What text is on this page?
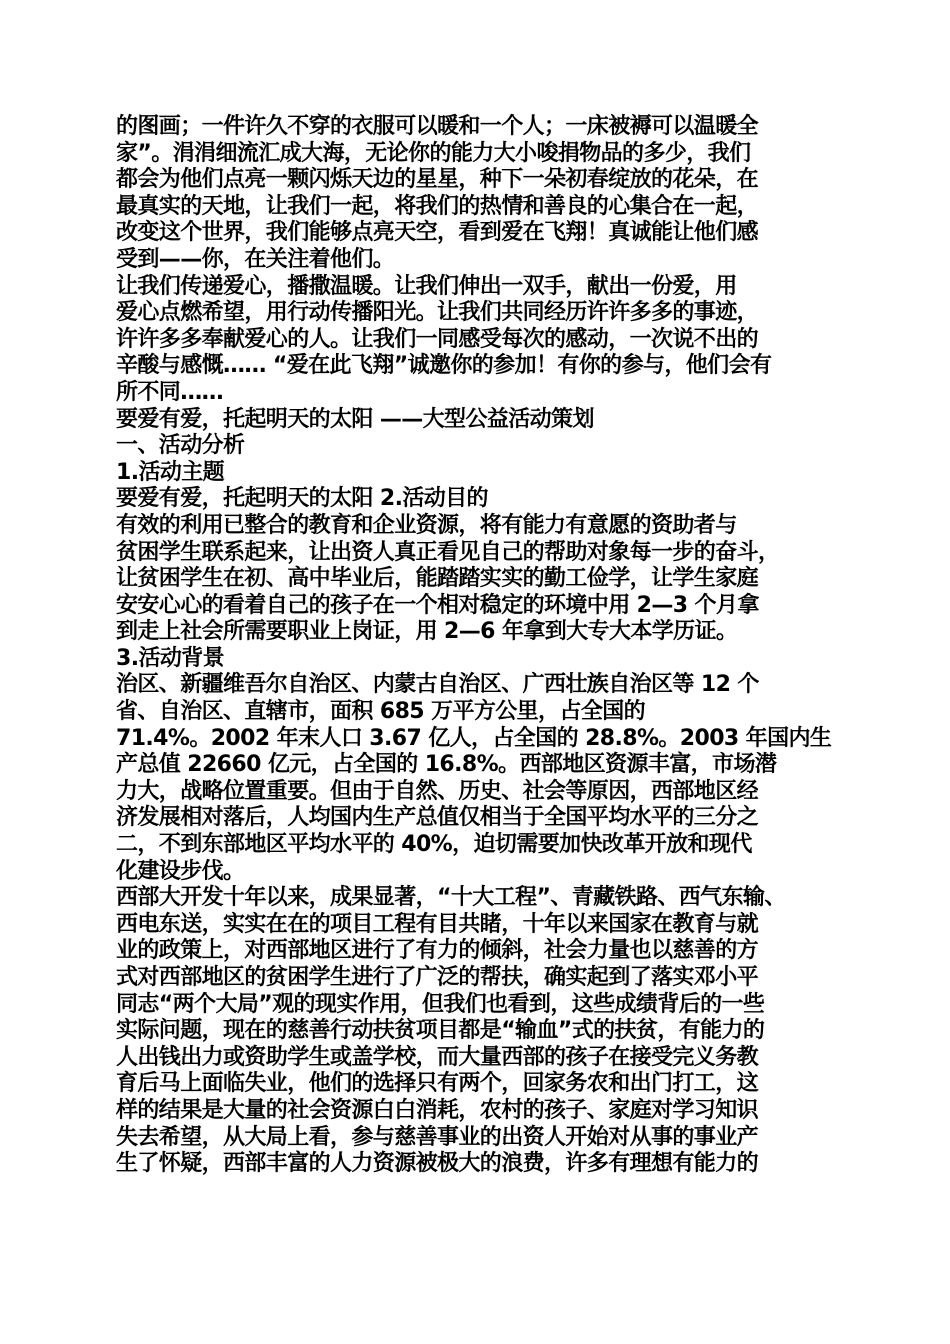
的图画；一件许久不穿的衣服可以暖和一个人；一床被褥可以温暖全
家”。涓涓细流汇成大海，无论你的能力大小唆捐物品的多少，我们
都会为他们点亮一颗闪烁天边的星星，种下一朵初春绽放的花朵，在
最真实的天地，让我们一起，将我们的热情和善良的心集合在一起，
改变这个世界，我们能够点亮天空，看到爱在飞翔！真诚能让他们感
受到——你，在关注着他们。
让我们传递爱心，播撒温暖。让我们伸出一双手，献出一份爱，用
爱心点燃希望，用行动传播阳光。让我们共同经历许许多多的事迹，
许许多多奉献爱心的人。让我们一同感受每次的感动，一次说不出的
辛酸与感慨…… “爱在此飞翔”诚邀你的参加！有你的参与，他们会有
所不同……
要爱有爱，托起明天的太阳 ——大型公益活动策划
一、活动分析
1.活动主题
要爱有爱，托起明天的太阳 2.活动目的
有效的利用已整合的教育和企业资源，将有能力有意愿的资助者与
贫困学生联系起来，让出资人真正看见自己的帮助对象每一步的奋斗，
让贫困学生在初、高中毕业后，能踏踏实实的勤工俭学，让学生家庭
安安心心的看着自己的孩子在一个相对稳定的环境中用 2—3 个月拿
到走上社会所需要职业上岗证，用 2—6 年拿到大专大本学历证。
3.活动背景
治区、新疆维吾尔自治区、内蒙古自治区、广西壮族自治区等 12 个
省、自治区、直辖市，面积 685 万平方公里，占全国的
71.4%。2002 年末人口 3.67 亿人，占全国的 28.8%。2003 年国内生
产总值 22660 亿元，占全国的 16.8%。西部地区资源丰富，市场潜
力大，战略位置重要。但由于自然、历史、社会等原因，西部地区经
济发展相对落后，人均国内生产总值仅相当于全国平均水平的三分之
二，不到东部地区平均水平的 40%，迫切需要加快改革开放和现代
化建设步伐。
西部大开发十年以来，成果显著，“十大工程”、青藏铁路、西气东输、
西电东送，实实在在的项目工程有目共睹，十年以来国家在教育与就
业的政策上，对西部地区进行了有力的倾斜，社会力量也以慈善的方
式对西部地区的贫困学生进行了广泛的帮扶，确实起到了落实邓小平
同志“两个大局”观的现实作用，但我们也看到，这些成绩背后的一些
实际问题，现在的慈善行动扶贫项目都是“输血”式的扶贫，有能力的
人出钱出力或资助学生或盖学校，而大量西部的孩子在接受完义务教
育后马上面临失业，他们的选择只有两个，回家务农和出门打工，这
样的结果是大量的社会资源白白消耗，农村的孩子、家庭对学习知识
失去希望，从大局上看，参与慈善事业的出资人开始对从事的事业产
生了怀疑，西部丰富的人力资源被极大的浪费，许多有理想有能力的
